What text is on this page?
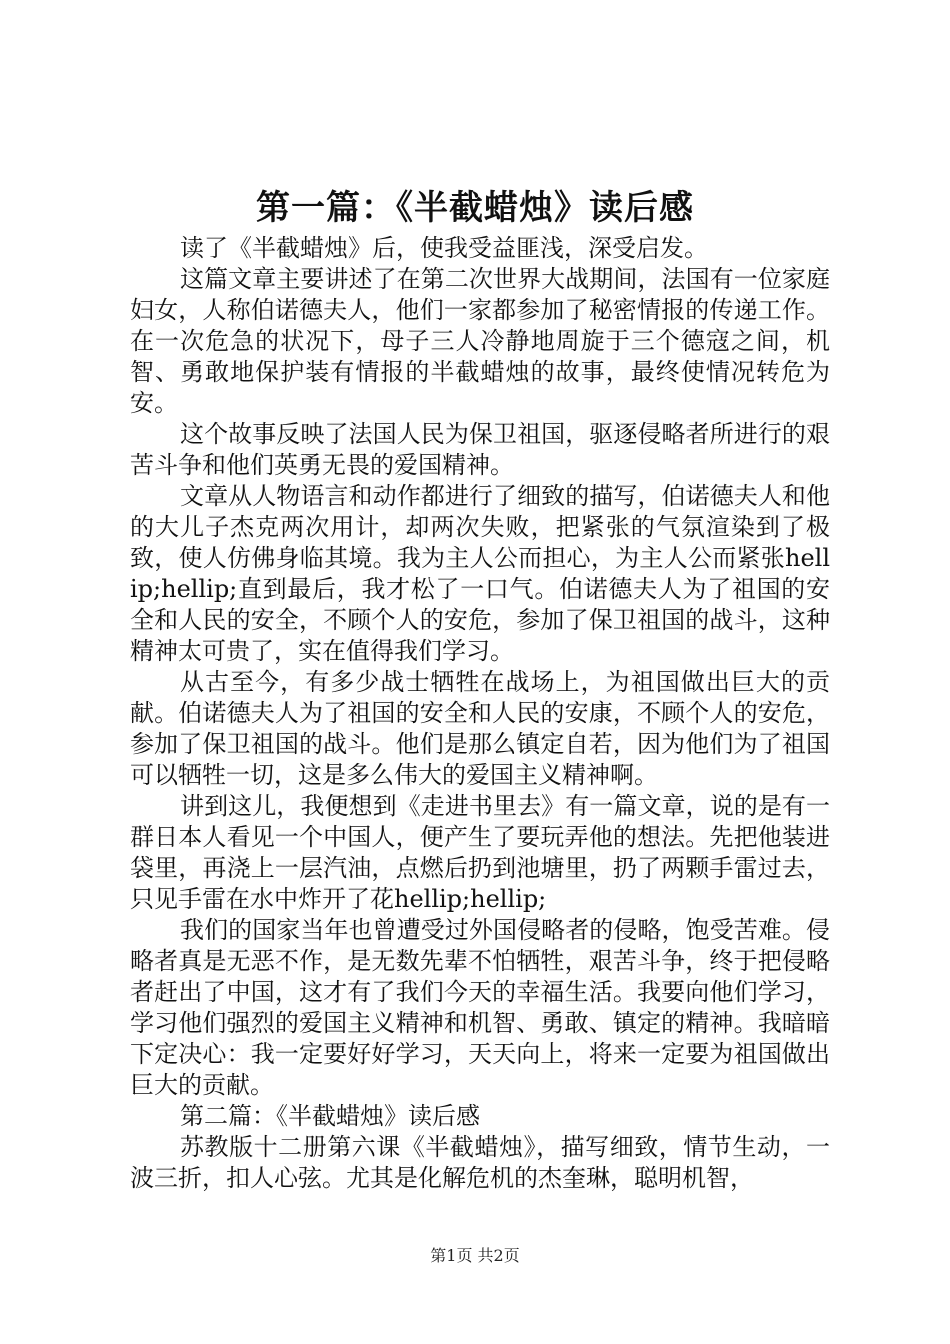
第一篇：《半截蜡烛》读后感

读了《半截蜡烛》后，使我受益匪浅，深受启发。

这篇文章主要讲述了在第二次世界大战期间，法国有一位家庭妇女，人称伯诺德夫人，他们一家都参加了秘密情报的传递工作。在一次危急的状况下，母子三人冷静地周旋于三个德寇之间，机智、勇敢地保护装有情报的半截蜡烛的故事，最终使情况转危为安。

这个故事反映了法国人民为保卫祖国，驱逐侵略者所进行的艰苦斗争和他们英勇无畏的爱国精神。

文章从人物语言和动作都进行了细致的描写，伯诺德夫人和他的大儿子杰克两次用计，却两次失败，把紧张的气氛渲染到了极致，使人仿佛身临其境。我为主人公而担心，为主人公而紧张hellip;hellip;直到最后，我才松了一口气。伯诺德夫人为了祖国的安全和人民的安全，不顾个人的安危，参加了保卫祖国的战斗，这种精神太可贵了，实在值得我们学习。

从古至今，有多少战士牺牲在战场上，为祖国做出巨大的贡献。伯诺德夫人为了祖国的安全和人民的安康，不顾个人的安危，参加了保卫祖国的战斗。他们是那么镇定自若，因为他们为了祖国可以牺牲一切，这是多么伟大的爱国主义精神啊。

讲到这儿，我便想到《走进书里去》有一篇文章，说的是有一群日本人看见一个中国人，便产生了要玩弄他的想法。先把他装进袋里，再浇上一层汽油，点燃后扔到池塘里，扔了两颗手雷过去，只见手雷在水中炸开了花hellip;hellip;

我们的国家当年也曾遭受过外国侵略者的侵略，饱受苦难。侵略者真是无恶不作，是无数先辈不怕牺牲，艰苦斗争，终于把侵略者赶出了中国，这才有了我们今天的幸福生活。我要向他们学习，学习他们强烈的爱国主义精神和机智、勇敢、镇定的精神。我暗暗下定决心：我一定要好好学习，天天向上，将来一定要为祖国做出巨大的贡献。

第二篇：《半截蜡烛》读后感

苏教版十二册第六课《半截蜡烛》，描写细致，情节生动，一波三折，扣人心弦。尤其是化解危机的杰奎琳，聪明机智，

第1页 共2页
